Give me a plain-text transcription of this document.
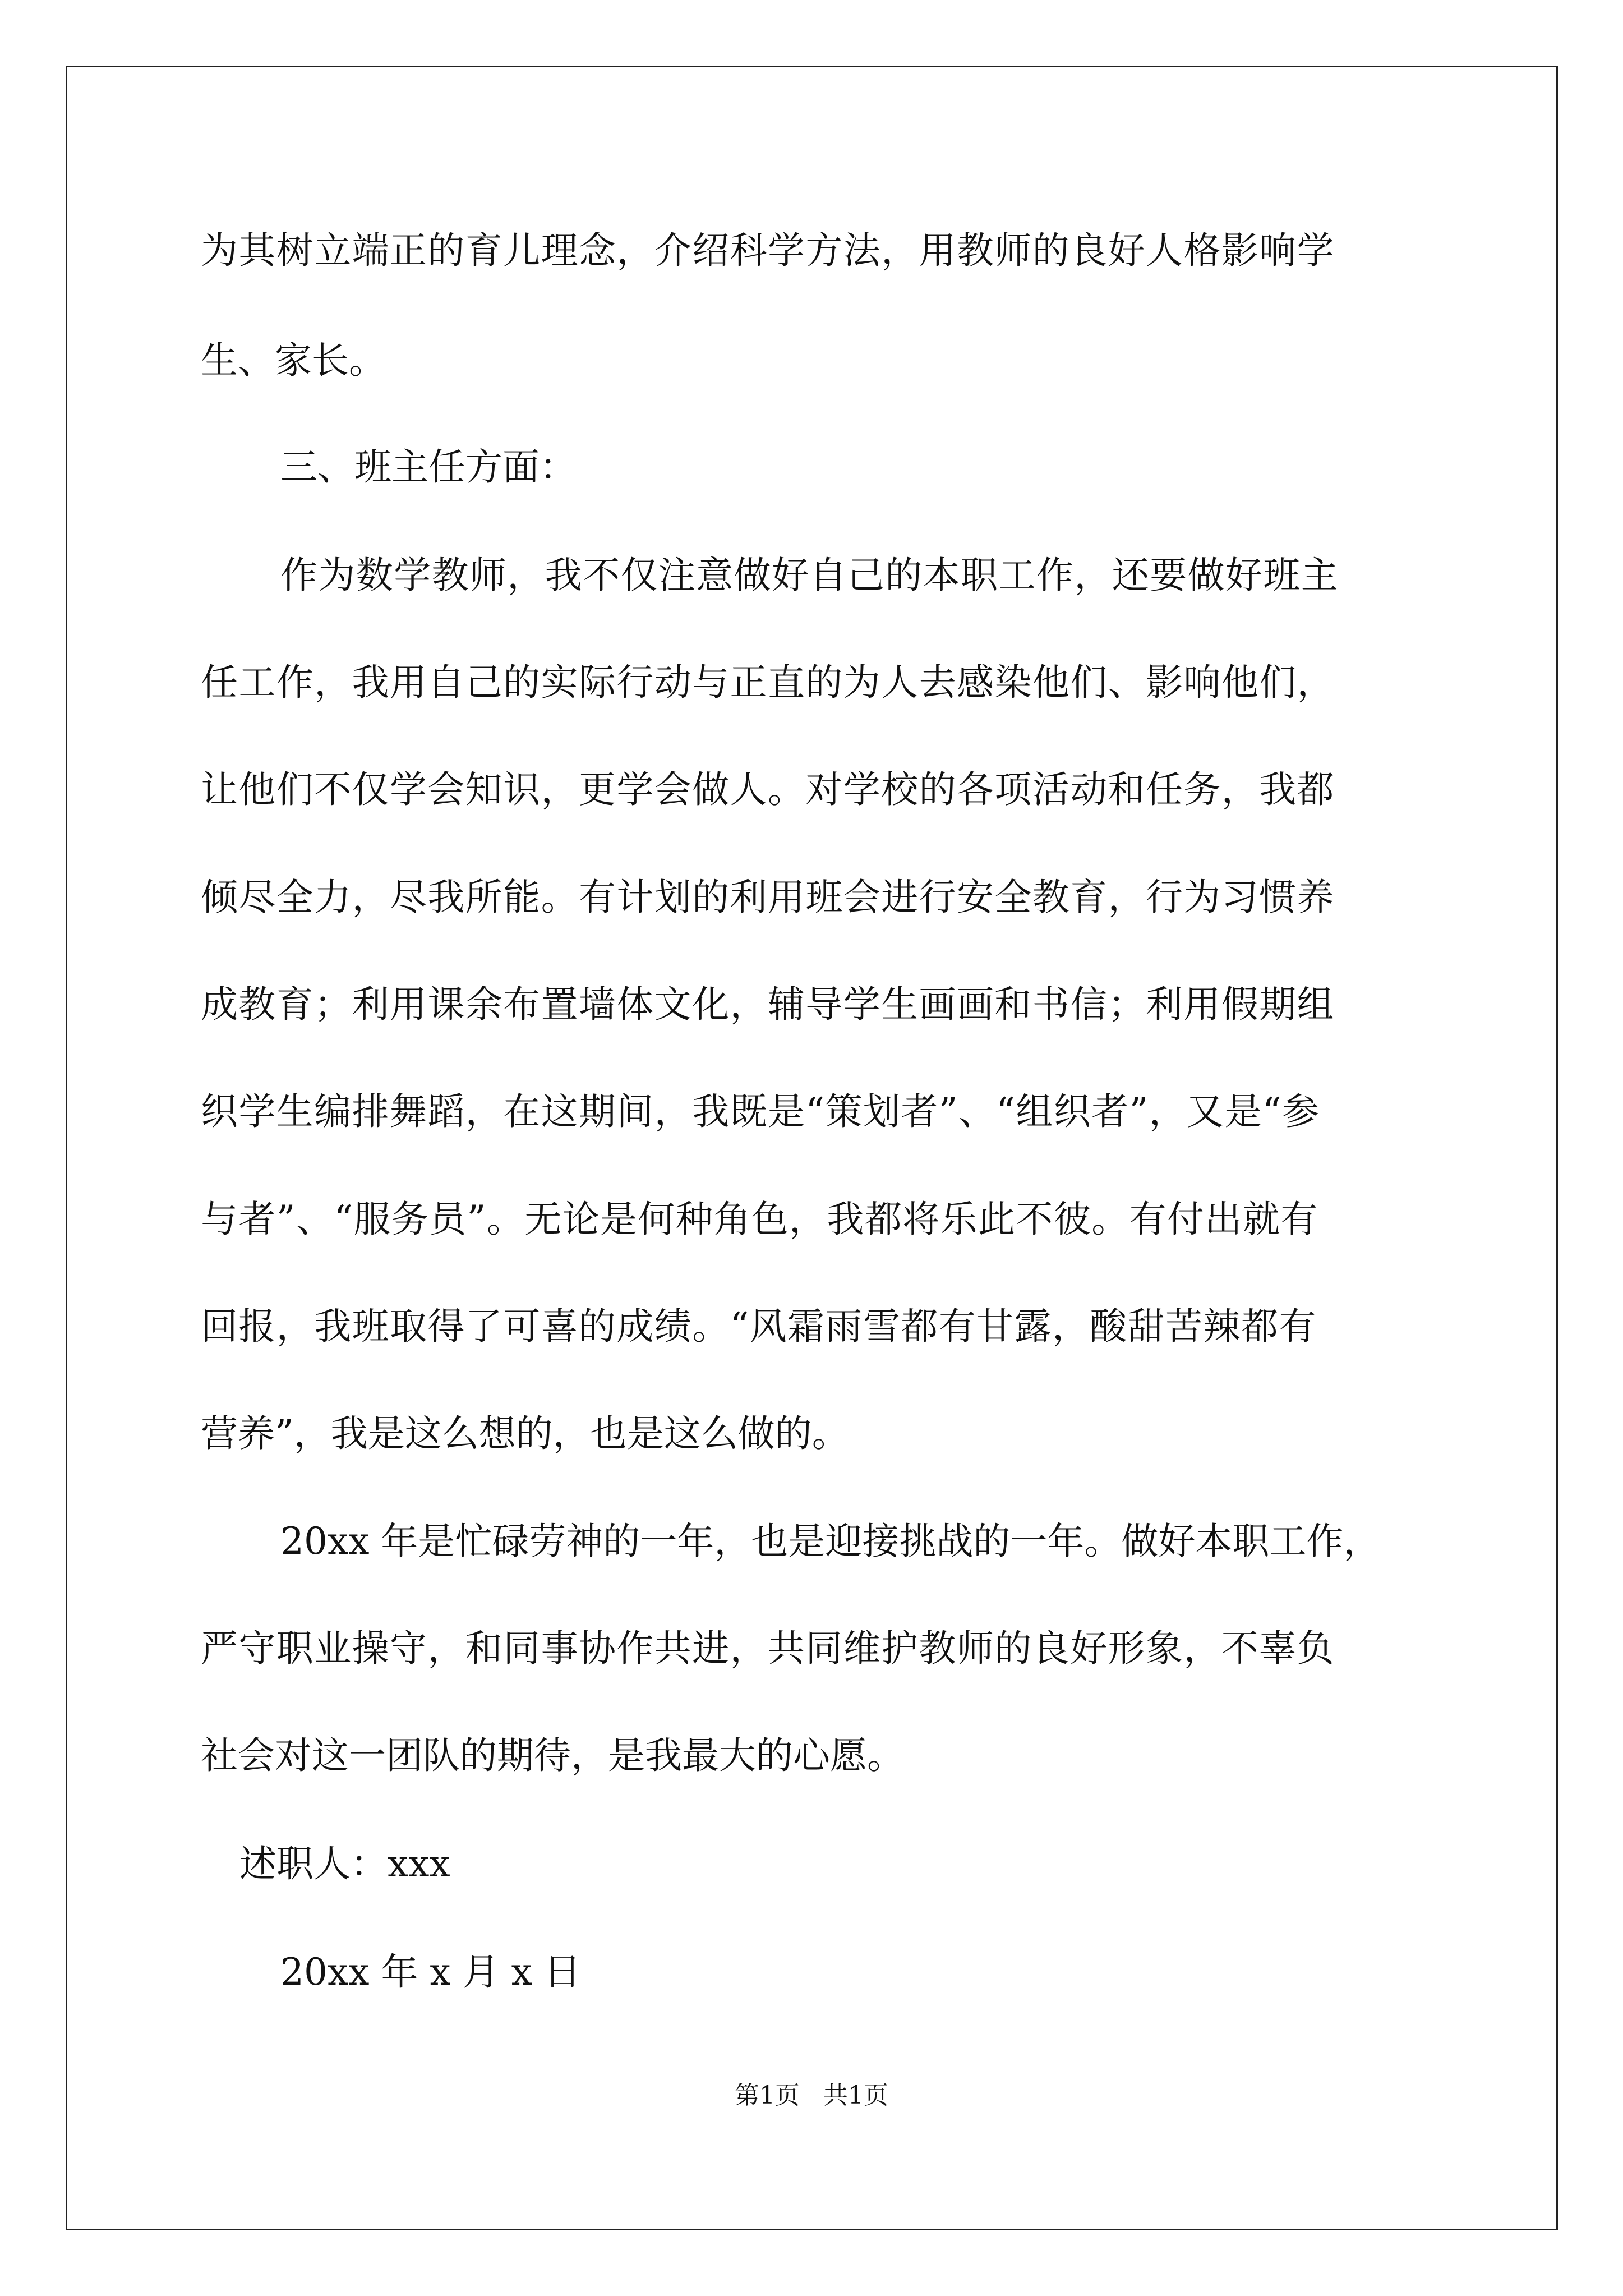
为其树立端正的育儿理念，介绍科学方法，用教师的良好人格影响学
生、家长。
三、班主任方面：
作为数学教师，我不仅注意做好自己的本职工作，还要做好班主
任工作，我用自己的实际行动与正直的为人去感染他们、影响他们，
让他们不仅学会知识，更学会做人。对学校的各项活动和任务，我都
倾尽全力，尽我所能。有计划的利用班会进行安全教育，行为习惯养
成教育；利用课余布置墙体文化，辅导学生画画和书信；利用假期组
织学生编排舞蹈，在这期间，我既是“策划者”、“组织者”，又是“参
与者”、“服务员”。无论是何种角色，我都将乐此不彼。有付出就有
回报，我班取得了可喜的成绩。“风霜雨雪都有甘露，酸甜苦辣都有
营养”，我是这么想的，也是这么做的。
20xx 年是忙碌劳神的一年，也是迎接挑战的一年。做好本职工作，
严守职业操守，和同事协作共进，共同维护教师的良好形象，不辜负
社会对这一团队的期待，是我最大的心愿。
述职人：xxx
20xx 年 x 月 x 日
第1页   共1页
